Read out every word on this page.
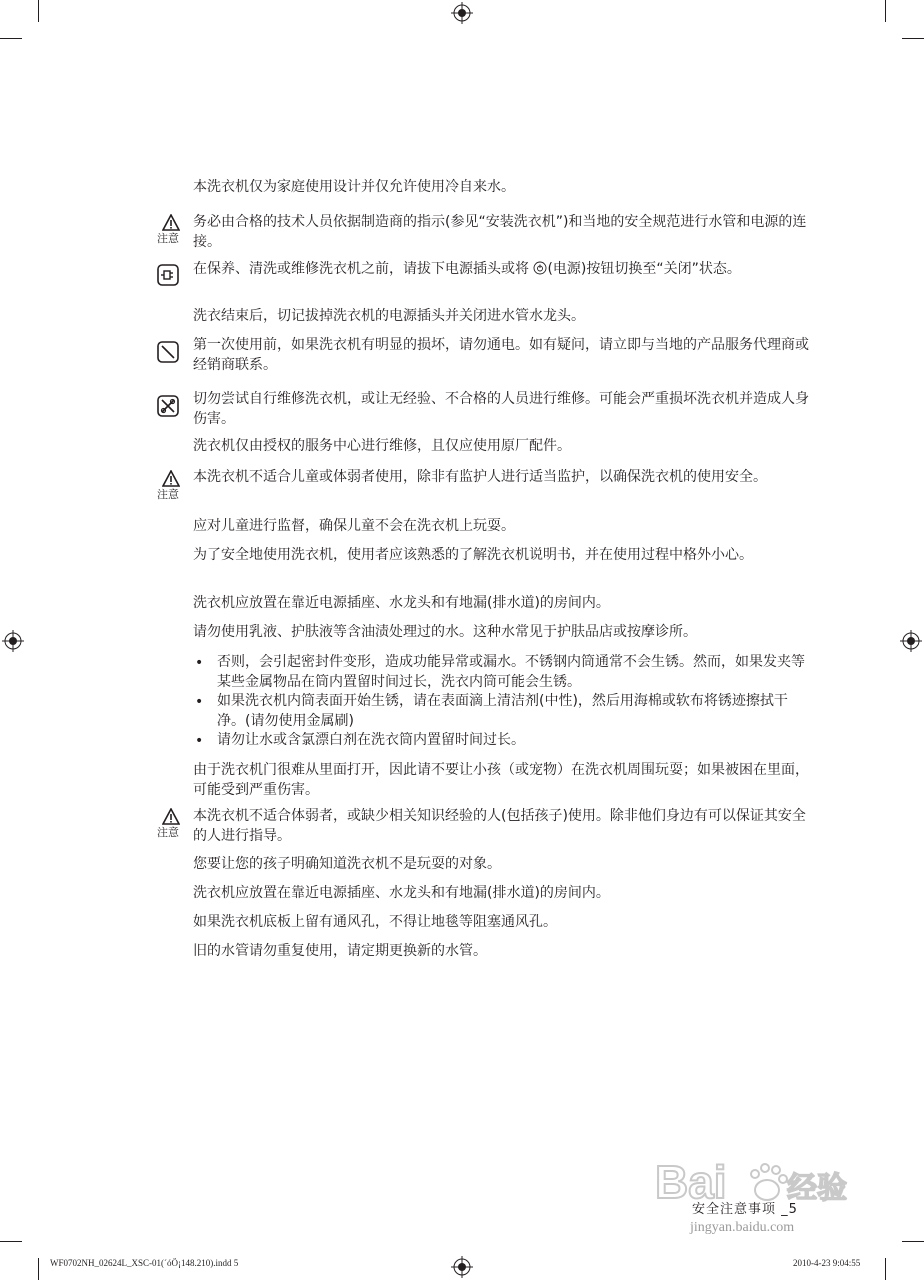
本洗衣机仅为家庭使用设计并仅允许使用冷自来水。

注意

务必由合格的技术人员依据制造商的指示(参见“安装洗衣机”)和当地的安全规范进行水管和电源的连接。

在保养、清洗或维修洗衣机之前，请拔下电源插头或将 (电源)按钮切换至“关闭”状态。

洗衣结束后，切记拔掉洗衣机的电源插头并关闭进水管水龙头。

第一次使用前，如果洗衣机有明显的损坏，请勿通电。如有疑问，请立即与当地的产品服务代理商或经销商联系。

切勿尝试自行维修洗衣机，或让无经验、不合格的人员进行维修。可能会严重损坏洗衣机并造成人身伤害。

洗衣机仅由授权的服务中心进行维修，且仅应使用原厂配件。

注意

本洗衣机不适合儿童或体弱者使用，除非有监护人进行适当监护，以确保洗衣机的使用安全。

应对儿童进行监督，确保儿童不会在洗衣机上玩耍。

为了安全地使用洗衣机，使用者应该熟悉的了解洗衣机说明书，并在使用过程中格外小心。

洗衣机应放置在靠近电源插座、水龙头和有地漏(排水道)的房间内。

请勿使用乳液、护肤液等含油渍处理过的水。这种水常见于护肤品店或按摩诊所。

• 否则，会引起密封件变形，造成功能异常或漏水。不锈钢内筒通常不会生锈。然而，如果发夹等某些金属物品在筒内置留时间过长，洗衣内筒可能会生锈。

• 如果洗衣机内筒表面开始生锈，请在表面滴上清洁剂(中性)，然后用海棉或软布将锈迹擦拭干净。(请勿使用金属刷)

• 请勿让水或含氯漂白剂在洗衣筒内置留时间过长。

由于洗衣机门很难从里面打开，因此请不要让小孩（或宠物）在洗衣机周围玩耍；如果被困在里面，可能受到严重伤害。

注意

本洗衣机不适合体弱者，或缺少相关知识经验的人(包括孩子)使用。除非他们身边有可以保证其安全的人进行指导。

您要让您的孩子明确知道洗衣机不是玩耍的对象。

洗衣机应放置在靠近电源插座、水龙头和有地漏(排水道)的房间内。

如果洗衣机底板上留有通风孔，不得让地毯等阻塞通风孔。

旧的水管请勿重复使用，请定期更换新的水管。

Bai 经验
jingyan.baidu.com
安全注意事项 _5
WF0702NH_02624L_XSC-01(´óÖ¡148.210).indd 5	2010-4-23 9:04:55
